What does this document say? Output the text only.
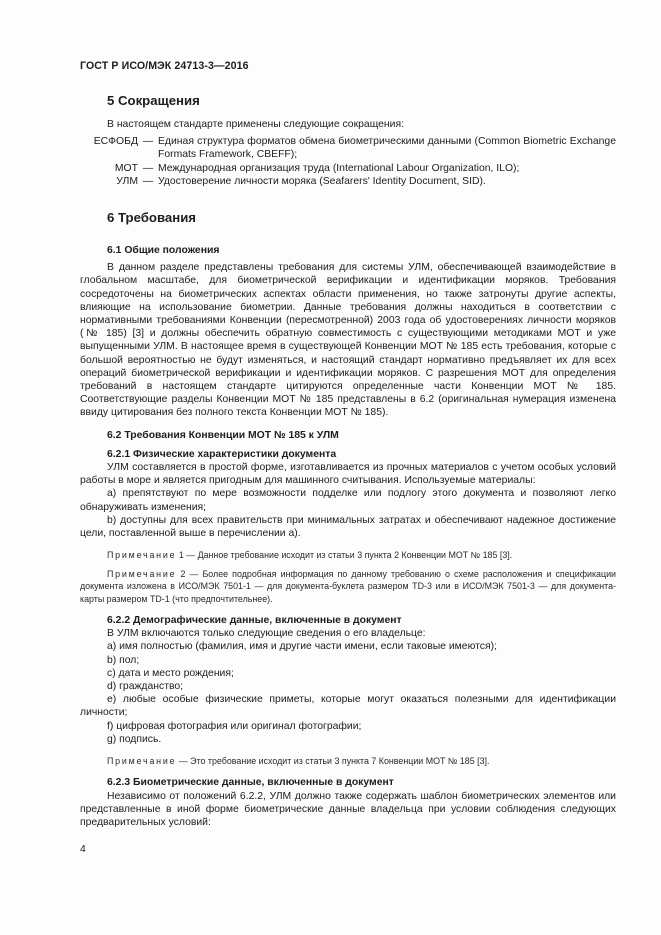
ГОСТ Р ИСО/МЭК 24713-3—2016
5 Сокращения

В настоящем стандарте применены следующие сокращения:

ЕСФОБД — Единая структура форматов обмена биометрическими данными (Common Biometric Exchange Formats Framework, CBEFF);
МОТ — Международная организация труда (International Labour Organization, ILO);
УЛМ — Удостоверение личности моряка (Seafarers' Identity Document, SID).
6 Требования
6.1 Общие положения

В данном разделе представлены требования для системы УЛМ, обеспечивающей взаимодействие в глобальном масштабе, для биометрической верификации и идентификации моряков. Требования сосредоточены на биометрических аспектах области применения, но также затронуты другие аспекты, влияющие на использование биометрии. Данные требования должны находиться в соответствии с нормативными требованиями Конвенции (пересмотренной) 2003 года об удостоверениях личности моряков (№ 185) [3] и должны обеспечить обратную совместимость с существующими методиками МОТ и уже выпущенными УЛМ. В настоящее время в существующей Конвенции МОТ № 185 есть требования, которые с большой вероятностью не будут изменяться, и настоящий стандарт нормативно предъявляет их для всех операций биометрической верификации и идентификации моряков. С разрешения МОТ для определения требований в настоящем стандарте цитируются определенные части Конвенции МОТ № 185. Соответствующие разделы Конвенции МОТ № 185 представлены в 6.2 (оригинальная нумерация изменена ввиду цитирования без полного текста Конвенции МОТ № 185).

6.2 Требования Конвенции МОТ № 185 к УЛМ
6.2.1 Физические характеристики документа

УЛМ составляется в простой форме, изготавливается из прочных материалов с учетом особых условий работы в море и является пригодным для машинного считывания. Используемые материалы:

a) препятствуют по мере возможности подделке или подлогу этого документа и позволяют легко обнаруживать изменения;

b) доступны для всех правительств при минимальных затратах и обеспечивают надежное достижение цели, поставленной выше в перечислении а).

Примечание 1 — Данное требование исходит из статьи 3 пункта 2 Конвенции МОТ № 185 [3].

Примечание 2 — Более подробная информация по данному требованию о схеме расположения и спецификации документа изложена в ИСО/МЭК 7501-1 — для документа-буклета размером TD-3 или в ИСО/МЭК 7501-3 — для документа-карты размером TD-1 (что предпочтительнее).

6.2.2 Демографические данные, включенные в документ

В УЛМ включаются только следующие сведения о его владельце:

a) имя полностью (фамилия, имя и другие части имени, если таковые имеются);

b) пол;

c) дата и место рождения;

d) гражданство;

e) любые особые физические приметы, которые могут оказаться полезными для идентификации личности;

f) цифровая фотография или оригинал фотографии;

g) подпись.

Примечание — Это требование исходит из статьи 3 пункта 7 Конвенции МОТ № 185 [3].

6.2.3 Биометрические данные, включенные в документ

Независимо от положений 6.2.2, УЛМ должно также содержать шаблон биометрических элементов или представленные в иной форме биометрические данные владельца при условии соблюдения следующих предварительных условий:

4
